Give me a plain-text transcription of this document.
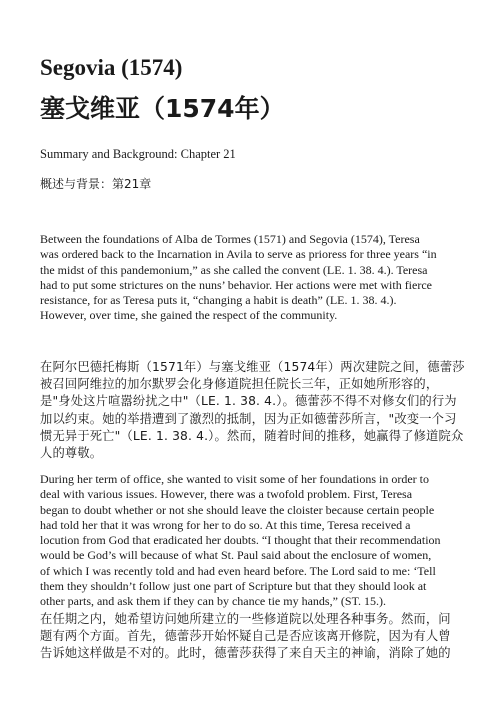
Segovia (1574)
塞戈维亚（1574年）

Summary and Background: Chapter 21

概述与背景：第21章

Between the foundations of Alba de Tormes (1571) and Segovia (1574), Teresa
was ordered back to the Incarnation in Avila to serve as prioress for three years “in
the midst of this pandemonium,” as she called the convent (LE. 1. 38. 4.). Teresa
had to put some strictures on the nuns’ behavior. Her actions were met with fierce
resistance, for as Teresa puts it, “changing a habit is death” (LE. 1. 38. 4.).
However, over time, she gained the respect of the community.

在阿尔巴德托梅斯（1571年）与塞戈维亚（1574年）两次建院之间，德蕾莎
被召回阿维拉的加尔默罗会化身修道院担任院长三年，正如她所形容的，
是"身处这片喧嚣纷扰之中"（LE. 1. 38. 4.）。德蕾莎不得不对修女们的行为
加以约束。她的举措遭到了激烈的抵制，因为正如德蕾莎所言，"改变一个习
惯无异于死亡"（LE. 1. 38. 4.）。然而，随着时间的推移，她赢得了修道院众
人的尊敬。

During her term of office, she wanted to visit some of her foundations in order to
deal with various issues. However, there was a twofold problem. First, Teresa
began to doubt whether or not she should leave the cloister because certain people
had told her that it was wrong for her to do so. At this time, Teresa received a
locution from God that eradicated her doubts. “I thought that their recommendation
would be God’s will because of what St. Paul said about the enclosure of women,
of which I was recently told and had even heard before. The Lord said to me: ‘Tell
them they shouldn’t follow just one part of Scripture but that they should look at
other parts, and ask them if they can by chance tie my hands,” (ST. 15.).

在任期之内，她希望访问她所建立的一些修道院以处理各种事务。然而，问
题有两个方面。首先，德蕾莎开始怀疑自己是否应该离开修院，因为有人曾
告诉她这样做是不对的。此时，德蕾莎获得了来自天主的神谕，消除了她的
